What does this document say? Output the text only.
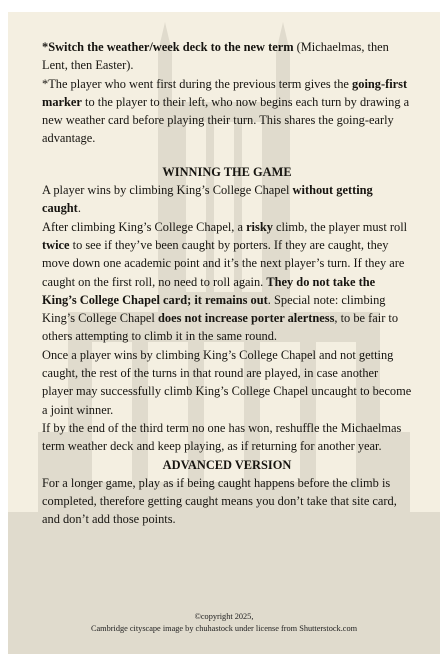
*Switch the weather/week deck to the new term (Michaelmas, then Lent, then Easter).

*The player who went first during the previous term gives the going-first marker to the player to their left, who now begins each turn by drawing a new weather card before playing their turn. This shares the going-early advantage.

WINNING THE GAME

A player wins by climbing King’s College Chapel without getting caught.

After climbing King’s College Chapel, a risky climb, the player must roll twice to see if they’ve been caught by porters. If they are caught, they move down one academic point and it’s the next player’s turn. If they are caught on the first roll, no need to roll again. They do not take the King’s College Chapel card; it remains out. Special note: climbing King’s College Chapel does not increase porter alertness, to be fair to others attempting to climb it in the same round.

Once a player wins by climbing King’s College Chapel and not getting caught, the rest of the turns in that round are played, in case another player may successfully climb King’s College Chapel uncaught to become a joint winner.

If by the end of the third term no one has won, reshuffle the Michaelmas term weather deck and keep playing, as if returning for another year.

ADVANCED VERSION

For a longer game, play as if being caught happens before the climb is completed, therefore getting caught means you don’t take that site card, and don’t add those points.

©copyright 2025,
Cambridge cityscape image by chuhastock under license from Shutterstock.com
